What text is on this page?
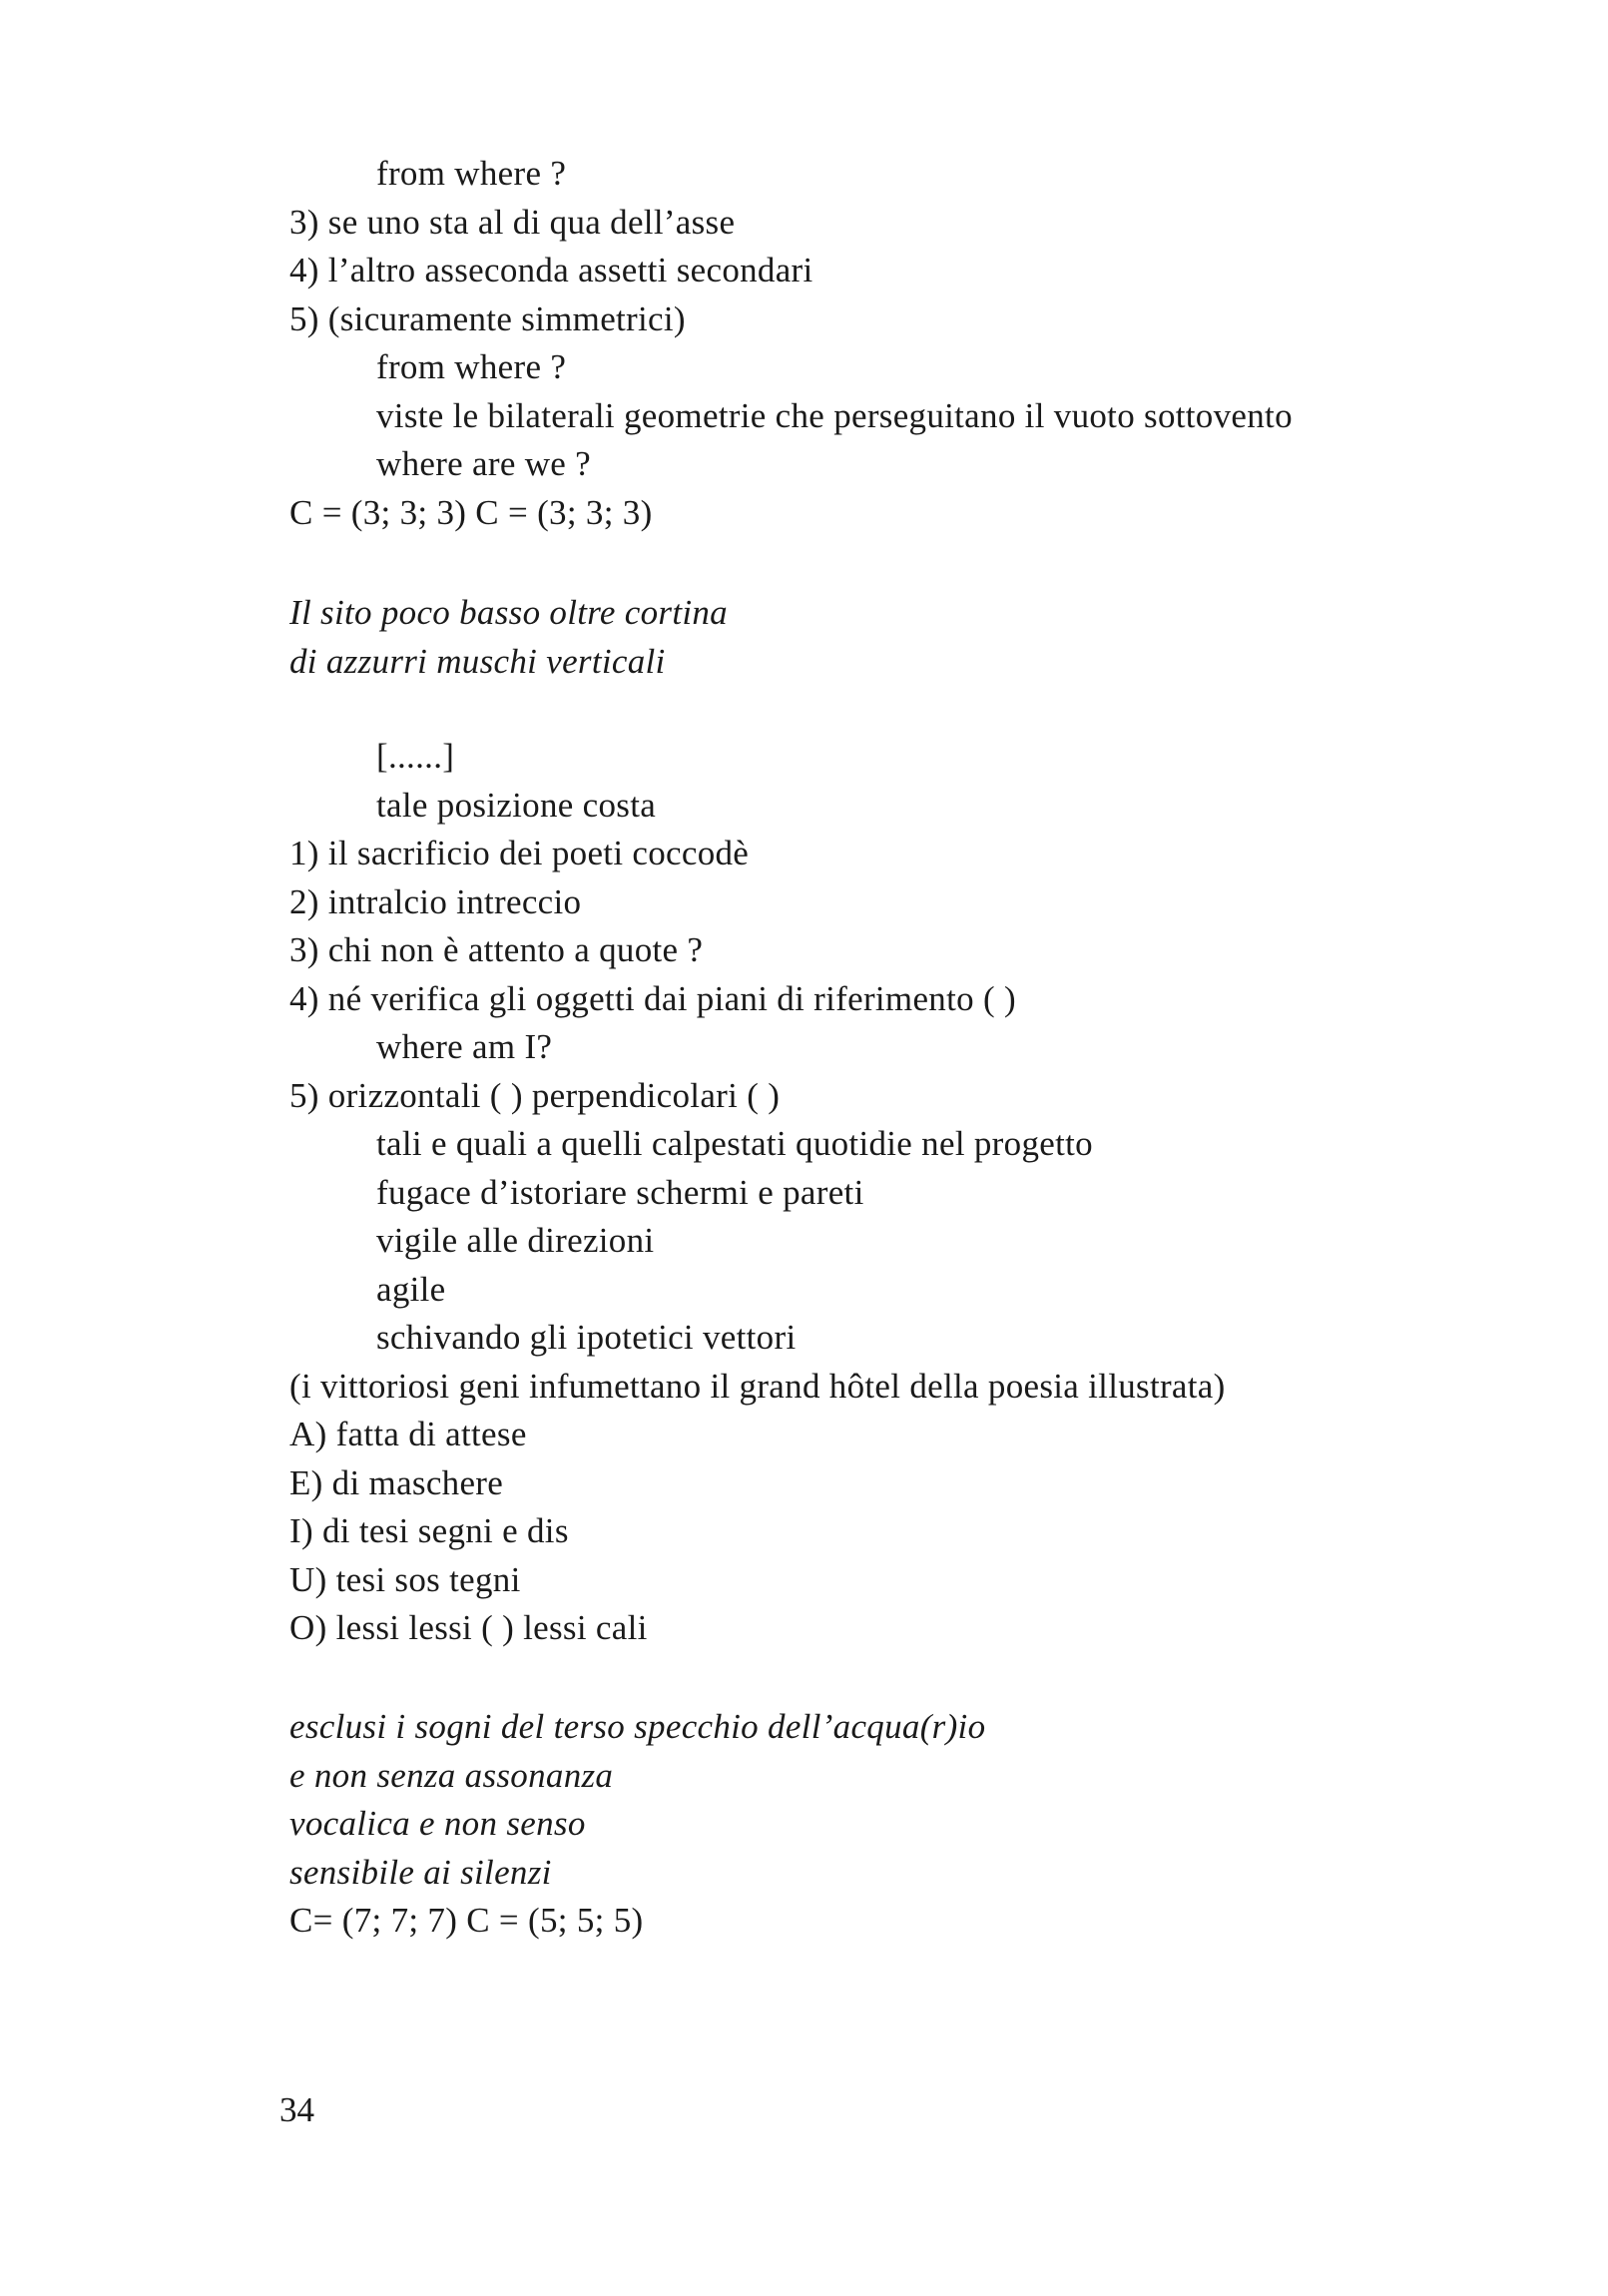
from where ?
3) se uno sta al di qua dell’asse
4) l’altro asseconda assetti secondari
5) (sicuramente simmetrici)
from where ?
viste le bilaterali geometrie che perseguitano il vuoto sottovento
where are we ?
C = (3; 3; 3) C = (3; 3; 3)
Il sito poco basso oltre cortina
di azzurri muschi verticali
[......]
tale posizione costa
1) il sacrificio dei poeti coccodè
2) intralcio intreccio
3) chi non è attento a quote ?
4) né verifica gli oggetti dai piani di riferimento ( )
where am I?
5) orizzontali ( ) perpendicolari ( )
tali e quali a quelli calpestati quotidie nel progetto
fugace d’istoriare schermi e pareti
vigile alle direzioni
agile
schivando gli ipotetici vettori
(i vittoriosi geni infumettano il grand hôtel della poesia illustrata)
A) fatta di attese
E) di maschere
I) di tesi segni e dis
U) tesi sos tegni
O) lessi lessi ( ) lessi cali
esclusi i sogni del terso specchio dell’acqua(r)io
e non senza assonanza
vocalica e non senso
sensibile ai silenzi
C= (7; 7; 7) C = (5; 5; 5)
34
